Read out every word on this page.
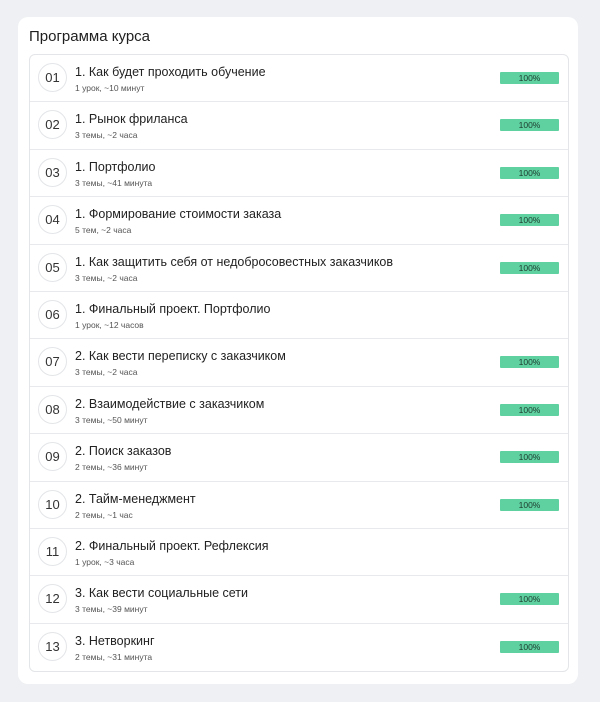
Программа курса
01	1. Как будет проходить обучение
1 урок, ~10 минут
100%
02	1. Рынок фриланса
3 темы, ~2 часа
100%
03	1. Портфолио
3 темы, ~41 минута
100%
04	1. Формирование стоимости заказа
5 тем, ~2 часа
100%
05	1. Как защитить себя от недобросовестных заказчиков
3 темы, ~2 часа
100%
06	1. Финальный проект. Портфолио
1 урок, ~12 часов
07	2. Как вести переписку с заказчиком
3 темы, ~2 часа
100%
08	2. Взаимодействие с заказчиком
3 темы, ~50 минут
100%
09	2. Поиск заказов
2 темы, ~36 минут
100%
10	2. Тайм-менеджмент
2 темы, ~1 час
100%
11	2. Финальный проект. Рефлексия
1 урок, ~3 часа
12	3. Как вести социальные сети
3 темы, ~39 минут
100%
13	3. Нетворкинг
2 темы, ~31 минута
100%
